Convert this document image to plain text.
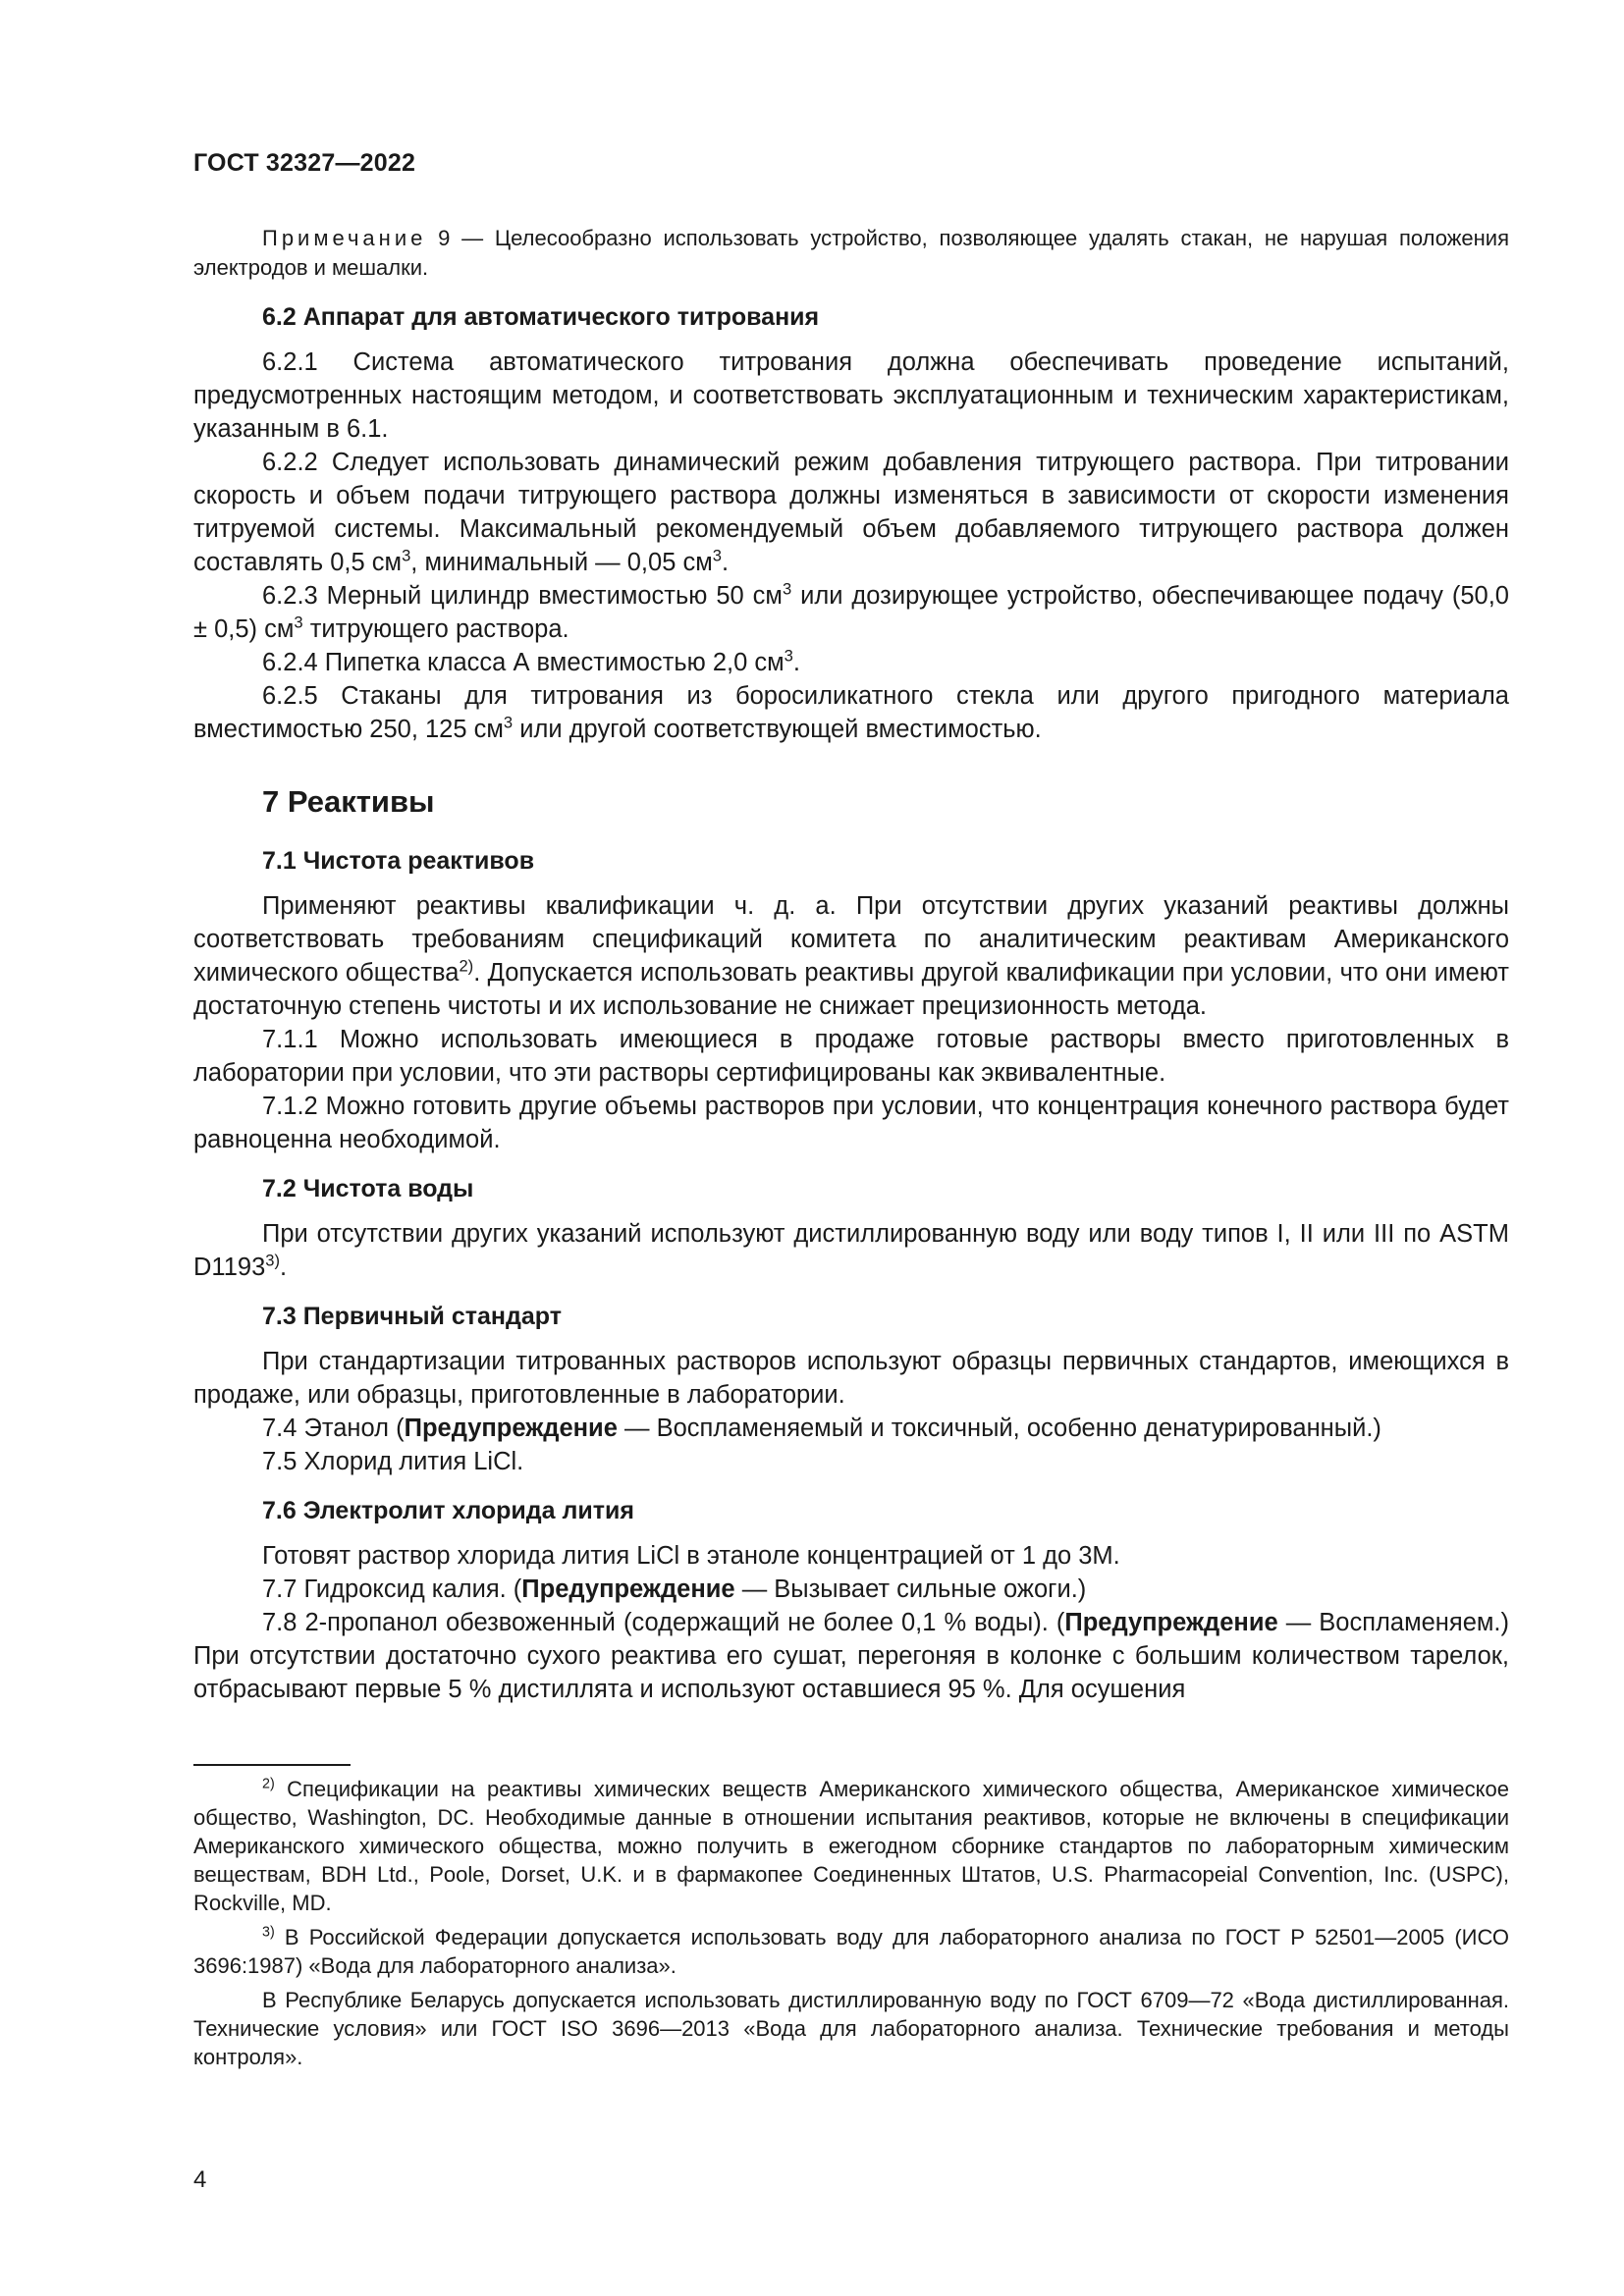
ГОСТ 32327—2022

Примечание 9 — Целесообразно использовать устройство, позволяющее удалять стакан, не нарушая положения электродов и мешалки.

6.2 Аппарат для автоматического титрования

6.2.1 Система автоматического титрования должна обеспечивать проведение испытаний, предусмотренных настоящим методом, и соответствовать эксплуатационным и техническим характеристикам, указанным в 6.1.

6.2.2 Следует использовать динамический режим добавления титрующего раствора. При титровании скорость и объем подачи титрующего раствора должны изменяться в зависимости от скорости изменения титруемой системы. Максимальный рекомендуемый объем добавляемого титрующего раствора должен составлять 0,5 $см^3$, минимальный — 0,05 $см^3$.

6.2.3 Мерный цилиндр вместимостью 50 $см^3$ или дозирующее устройство, обеспечивающее подачу (50,0 ± 0,5) $см^3$ титрующего раствора.

6.2.4 Пипетка класса А вместимостью 2,0 $см^3$.

6.2.5 Стаканы для титрования из боросиликатного стекла или другого пригодного материала вместимостью 250, 125 $см^3$ или другой соответствующей вместимостью.

7 Реактивы
7.1 Чистота реактивов

Применяют реактивы квалификации ч. д. а. При отсутствии других указаний реактивы должны соответствовать требованиям спецификаций комитета по аналитическим реактивам Американского химического общества$^{2)}$. Допускается использовать реактивы другой квалификации при условии, что они имеют достаточную степень чистоты и их использование не снижает прецизионность метода.

7.1.1 Можно использовать имеющиеся в продаже готовые растворы вместо приготовленных в лаборатории при условии, что эти растворы сертифицированы как эквивалентные.

7.1.2 Можно готовить другие объемы растворов при условии, что концентрация конечного раствора будет равноценна необходимой.

7.2 Чистота воды

При отсутствии других указаний используют дистиллированную воду или воду типов I, II или III по ASTM D1193$^{3)}$.

7.3 Первичный стандарт

При стандартизации титрованных растворов используют образцы первичных стандартов, имеющихся в продаже, или образцы, приготовленные в лаборатории.

7.4 Этанол (Предупреждение — Воспламеняемый и токсичный, особенно денатурированный.)

7.5 Хлорид лития LiCl.

7.6 Электролит хлорида лития

Готовят раствор хлорида лития LiCl в этаноле концентрацией от 1 до 3М.

7.7 Гидроксид калия. (Предупреждение — Вызывает сильные ожоги.)

7.8 2-пропанол обезвоженный (содержащий не более 0,1 % воды). (Предупреждение — Воспламеняем.) При отсутствии достаточно сухого реактива его сушат, перегоняя в колонке с большим количеством тарелок, отбрасывают первые 5 % дистиллята и используют оставшиеся 95 %. Для осушения

$^{2)}$ Спецификации на реактивы химических веществ Американского химического общества, Американское химическое общество, Washington, DC. Необходимые данные в отношении испытания реактивов, которые не включены в спецификации Американского химического общества, можно получить в ежегодном сборнике стандартов по лабораторным химическим веществам, BDH Ltd., Poole, Dorset, U.K. и в фармакопее Соединенных Штатов, U.S. Pharmacopeial Convention, Inc. (USPC), Rockville, MD.

$^{3)}$ В Российской Федерации допускается использовать воду для лабораторного анализа по ГОСТ Р 52501—2005 (ИСО 3696:1987) «Вода для лабораторного анализа».

В Республике Беларусь допускается использовать дистиллированную воду по ГОСТ 6709—72 «Вода дистиллированная. Технические условия» или ГОСТ ISO 3696—2013 «Вода для лабораторного анализа. Технические требования и методы контроля».

4
